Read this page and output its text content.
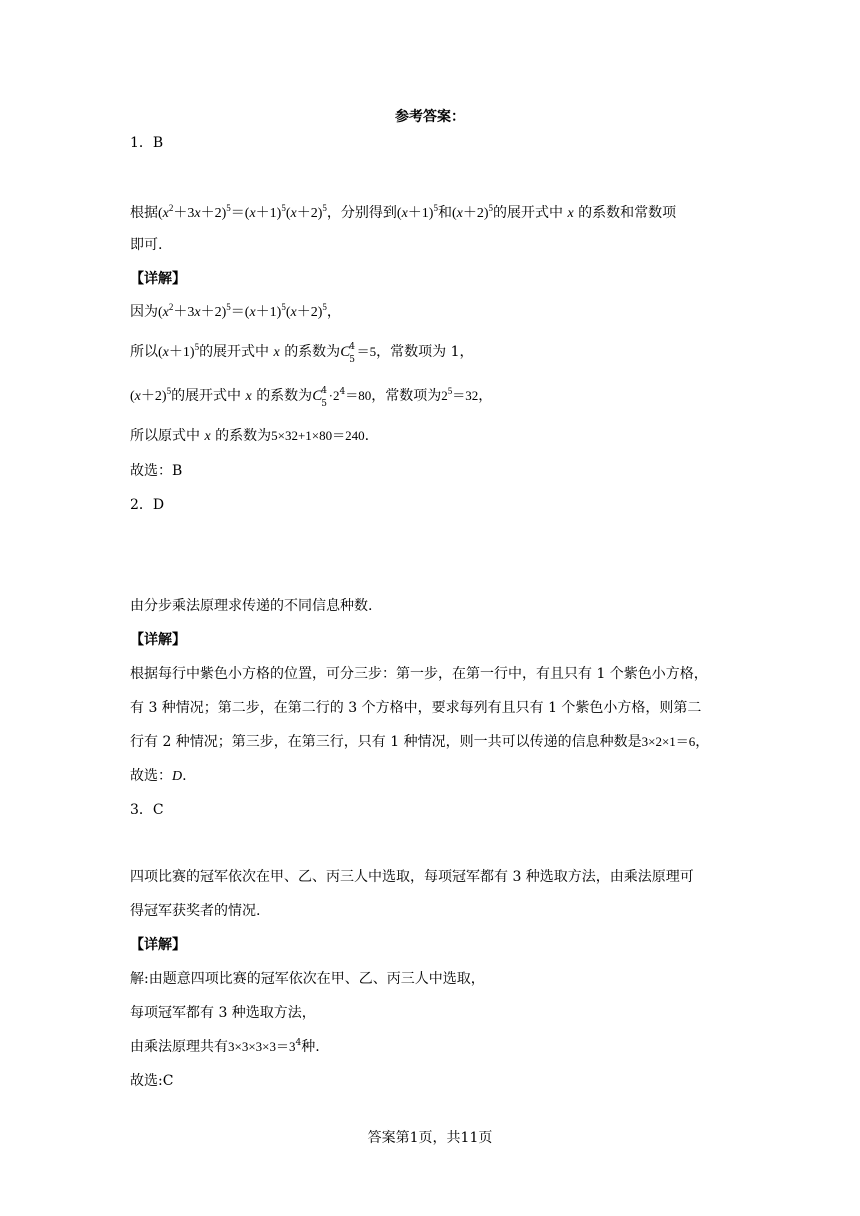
参考答案：
1．B
根据$(x^2+3x+2)^5=(x+1)^5(x+2)^5$，分别得到$(x+1)^5$和$(x+2)^5$的展开式中 x 的系数和常数项
即可.
【详解】
因为$(x^2+3x+2)^5=(x+1)^5(x+2)^5$，
所以$(x+1)^5$的展开式中 x 的系数为C
4
5
＝5，常数项为 1，
$(x+2)^5$的展开式中 x 的系数为C
4
5
$\cdot 2^4=80$，常数项为$2^5=32$，
所以原式中 x 的系数为5×32+1×80＝240.
故选：B
2．D
由分步乘法原理求传递的不同信息种数.
【详解】
根据每行中紫色小方格的位置，可分三步：第一步，在第一行中，有且只有 1 个紫色小方格，
有 3 种情况；第二步，在第二行的 3 个方格中，要求每列有且只有 1 个紫色小方格，则第二
行有 2 种情况；第三步，在第三行，只有 1 种情况，则一共可以传递的信息种数是3×2×1＝6，
故选：D.
3．C
四项比赛的冠军依次在甲、乙、丙三人中选取，每项冠军都有 3 种选取方法，由乘法原理可
得冠军获奖者的情况.
【详解】
解:由题意四项比赛的冠军依次在甲、乙、丙三人中选取，
每项冠军都有 3 种选取方法，
由乘法原理共有$3\times 3\times 3\times 3=3^4$种.
故选:C
答案第1页，共11页
